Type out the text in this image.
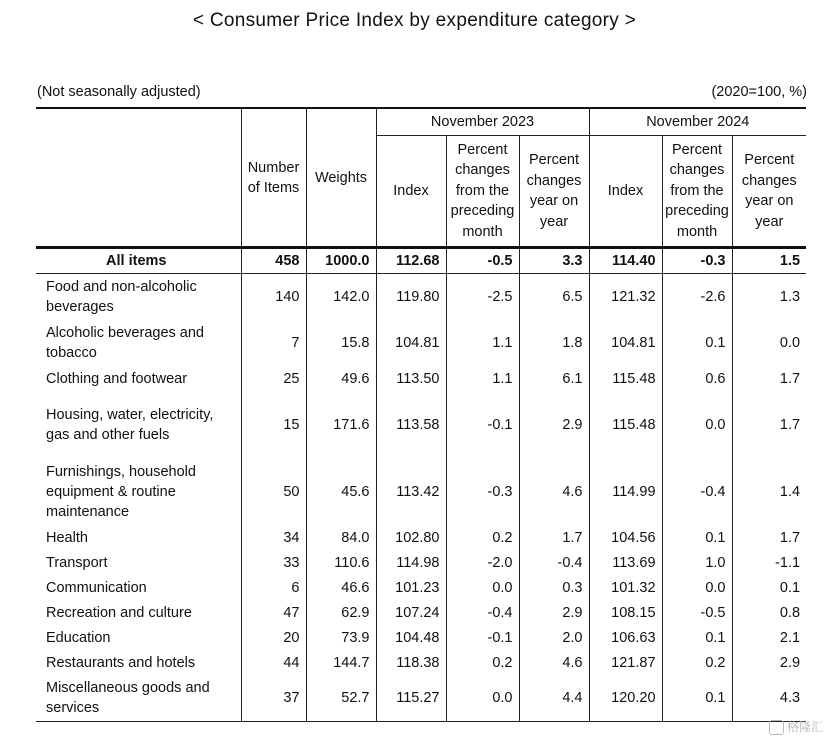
< Consumer Price Index by expenditure category >
(Not seasonally adjusted)	(2020=100, %)

	Number of Items	Weights	November 2023			November 2024		
			Index	Percent changes from the preceding month	Percent changes year on year	Index	Percent changes from the preceding month	Percent changes year on year
All items	458	1000.0	112.68	-0.5	3.3	114.40	-0.3	1.5
Food and non-alcoholic beverages	140	142.0	119.80	-2.5	6.5	121.32	-2.6	1.3
Alcoholic beverages and tobacco	7	15.8	104.81	1.1	1.8	104.81	0.1	0.0
Clothing and footwear	25	49.6	113.50	1.1	6.1	115.48	0.6	1.7
Housing, water, electricity, gas and other fuels	15	171.6	113.58	-0.1	2.9	115.48	0.0	1.7
Furnishings, household equipment & routine maintenance	50	45.6	113.42	-0.3	4.6	114.99	-0.4	1.4
Health	34	84.0	102.80	0.2	1.7	104.56	0.1	1.7
Transport	33	110.6	114.98	-2.0	-0.4	113.69	1.0	-1.1
Communication	6	46.6	101.23	0.0	0.3	101.32	0.0	0.1
Recreation and culture	47	62.9	107.24	-0.4	2.9	108.15	-0.5	0.8
Education	20	73.9	104.48	-0.1	2.0	106.63	0.1	2.1
Restaurants and hotels	44	144.7	118.38	0.2	4.6	121.87	0.2	2.9
Miscellaneous goods and services	37	52.7	115.27	0.0	4.4	120.20	0.1	4.3
格隆汇
